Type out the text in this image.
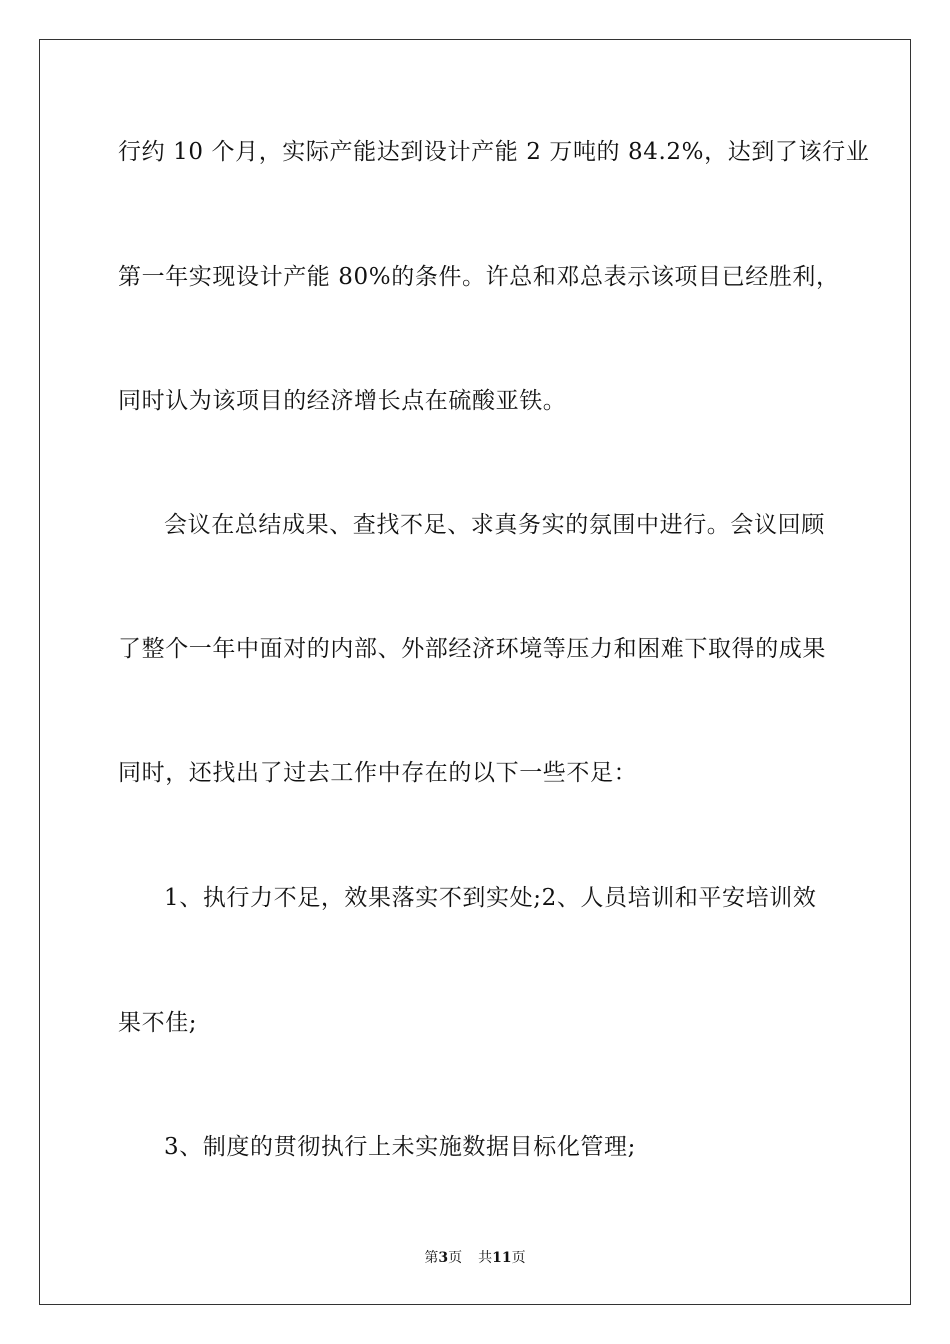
行约 10 个月，实际产能达到设计产能 2 万吨的 84.2%，达到了该行业
第一年实现设计产能 80%的条件。许总和邓总表示该项目已经胜利，
同时认为该项目的经济增长点在硫酸亚铁。
会议在总结成果、查找不足、求真务实的氛围中进行。会议回顾
了整个一年中面对的内部、外部经济环境等压力和困难下取得的成果
同时，还找出了过去工作中存在的以下一些不足：
1、执行力不足，效果落实不到实处;2、人员培训和平安培训效
果不佳;
3、制度的贯彻执行上未实施数据目标化管理;
第3页 共11页
